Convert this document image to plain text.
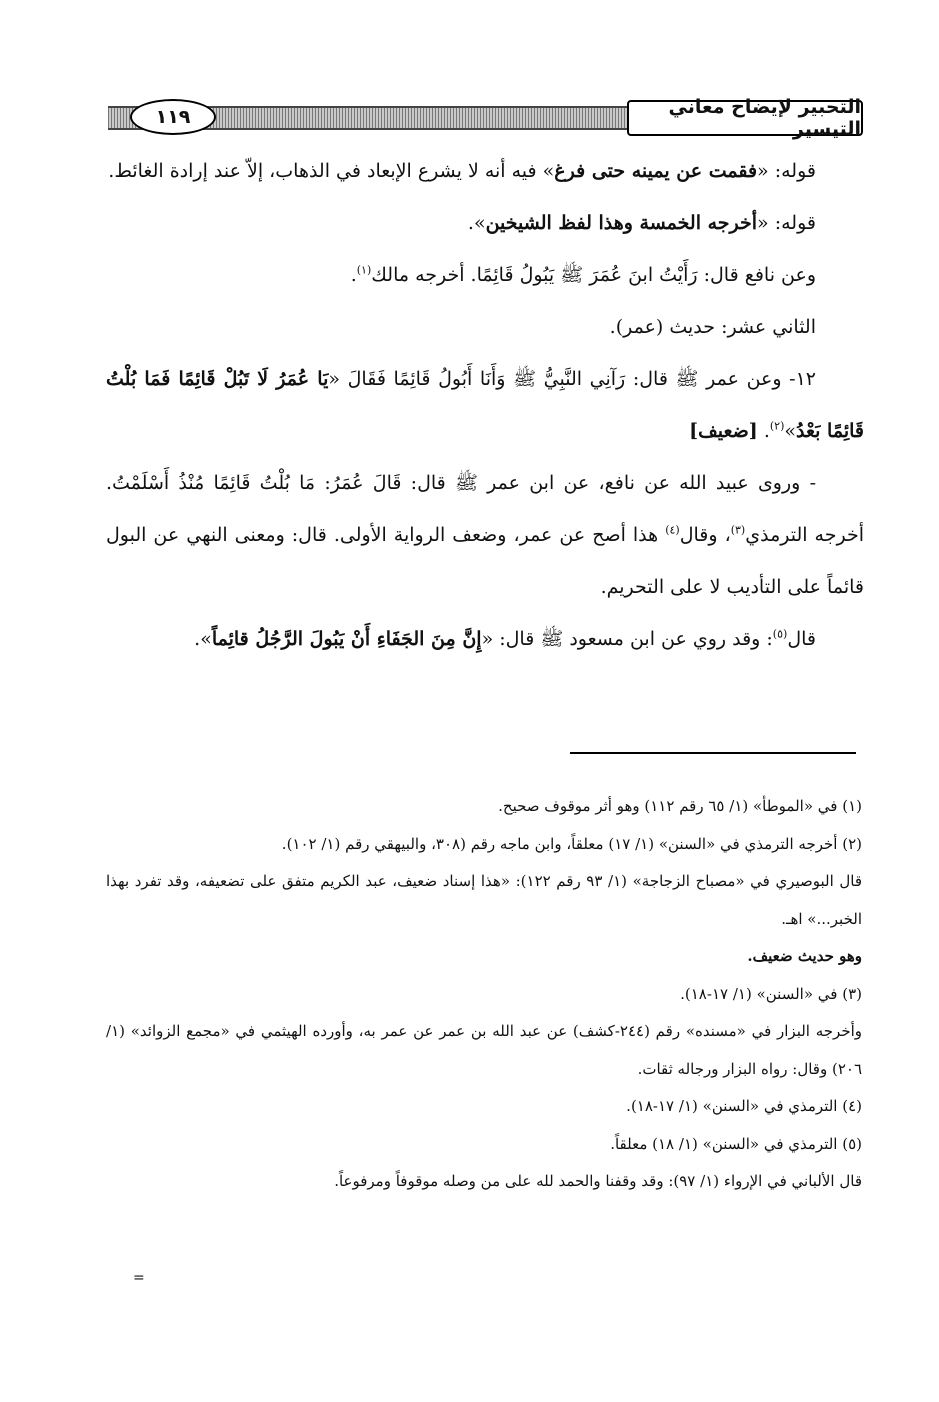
١١٩	التحبير لإيضاح معاني التيسير

قوله: «فقمت عن يمينه حتى فرغ» فيه أنه لا يشرع الإبعاد في الذهاب، إلاّ عند إرادة الغائط.

قوله: «أخرجه الخمسة وهذا لفظ الشيخين».

وعن نافع قال: رَأَيْتُ ابنَ عُمَرَ ﷺ يَبُولُ قَائِمًا. أخرجه مالك$^{(١)}$.

الثاني عشر: حديث (عمر).

١٢- وعن عمر ﷺ قال: رَآنِي النَّبِيُّ ﷺ وَأَنَا أَبُولُ قَائِمًا فَقَالَ «يَا عُمَرُ لَا تَبُلْ قَائِمًا فَمَا بُلْتُ قَائِمًا بَعْدُ»$^{(٢)}$. [ضعيف]

- وروى عبيد الله عن نافع، عن ابن عمر ﷺ قال: قَالَ عُمَرُ: مَا بُلْتُ قَائِمًا مُنْذُ أَسْلَمْتُ. أخرجه الترمذي$^{(٣)}$، وقال$^{(٤)}$ هذا أصح عن عمر، وضعف الرواية الأولى. قال: ومعنى النهي عن البول قائماً على التأديب لا على التحريم.

قال$^{(٥)}$: وقد روي عن ابن مسعود ﷺ قال: «إِنَّ مِنَ الجَفَاءِ أَنْ يَبُولَ الرَّجُلُ قائِماً».

(١) في «الموطأ» (١/ ٦٥ رقم ١١٢) وهو أثر موقوف صحيح.

(٢) أخرجه الترمذي في «السنن» (١/ ١٧) معلقاً، وابن ماجه رقم (٣٠٨، والبيهقي رقم (١/ ١٠٢).

قال البوصيري في «مصباح الزجاجة» (١/ ٩٣ رقم ١٢٢): «هذا إسناد ضعيف، عبد الكريم متفق على تضعيفه، وقد تفرد بهذا الخبر...» اهـ.

وهو حديث ضعيف.

(٣) في «السنن» (١/ ١٧-١٨).

وأخرجه البزار في «مسنده» رقم (٢٤٤-كشف) عن عبد الله بن عمر عن عمر به، وأورده الهيثمي في «مجمع الزوائد» (١/ ٢٠٦) وقال: رواه البزار ورجاله ثقات.

(٤) الترمذي في «السنن» (١/ ١٧-١٨).

(٥) الترمذي في «السنن» (١/ ١٨) معلقاً.

قال الألباني في الإرواء (١/ ٩٧): وقد وقفنا والحمد لله على من وصله موقوفاً ومرفوعاً.

=
